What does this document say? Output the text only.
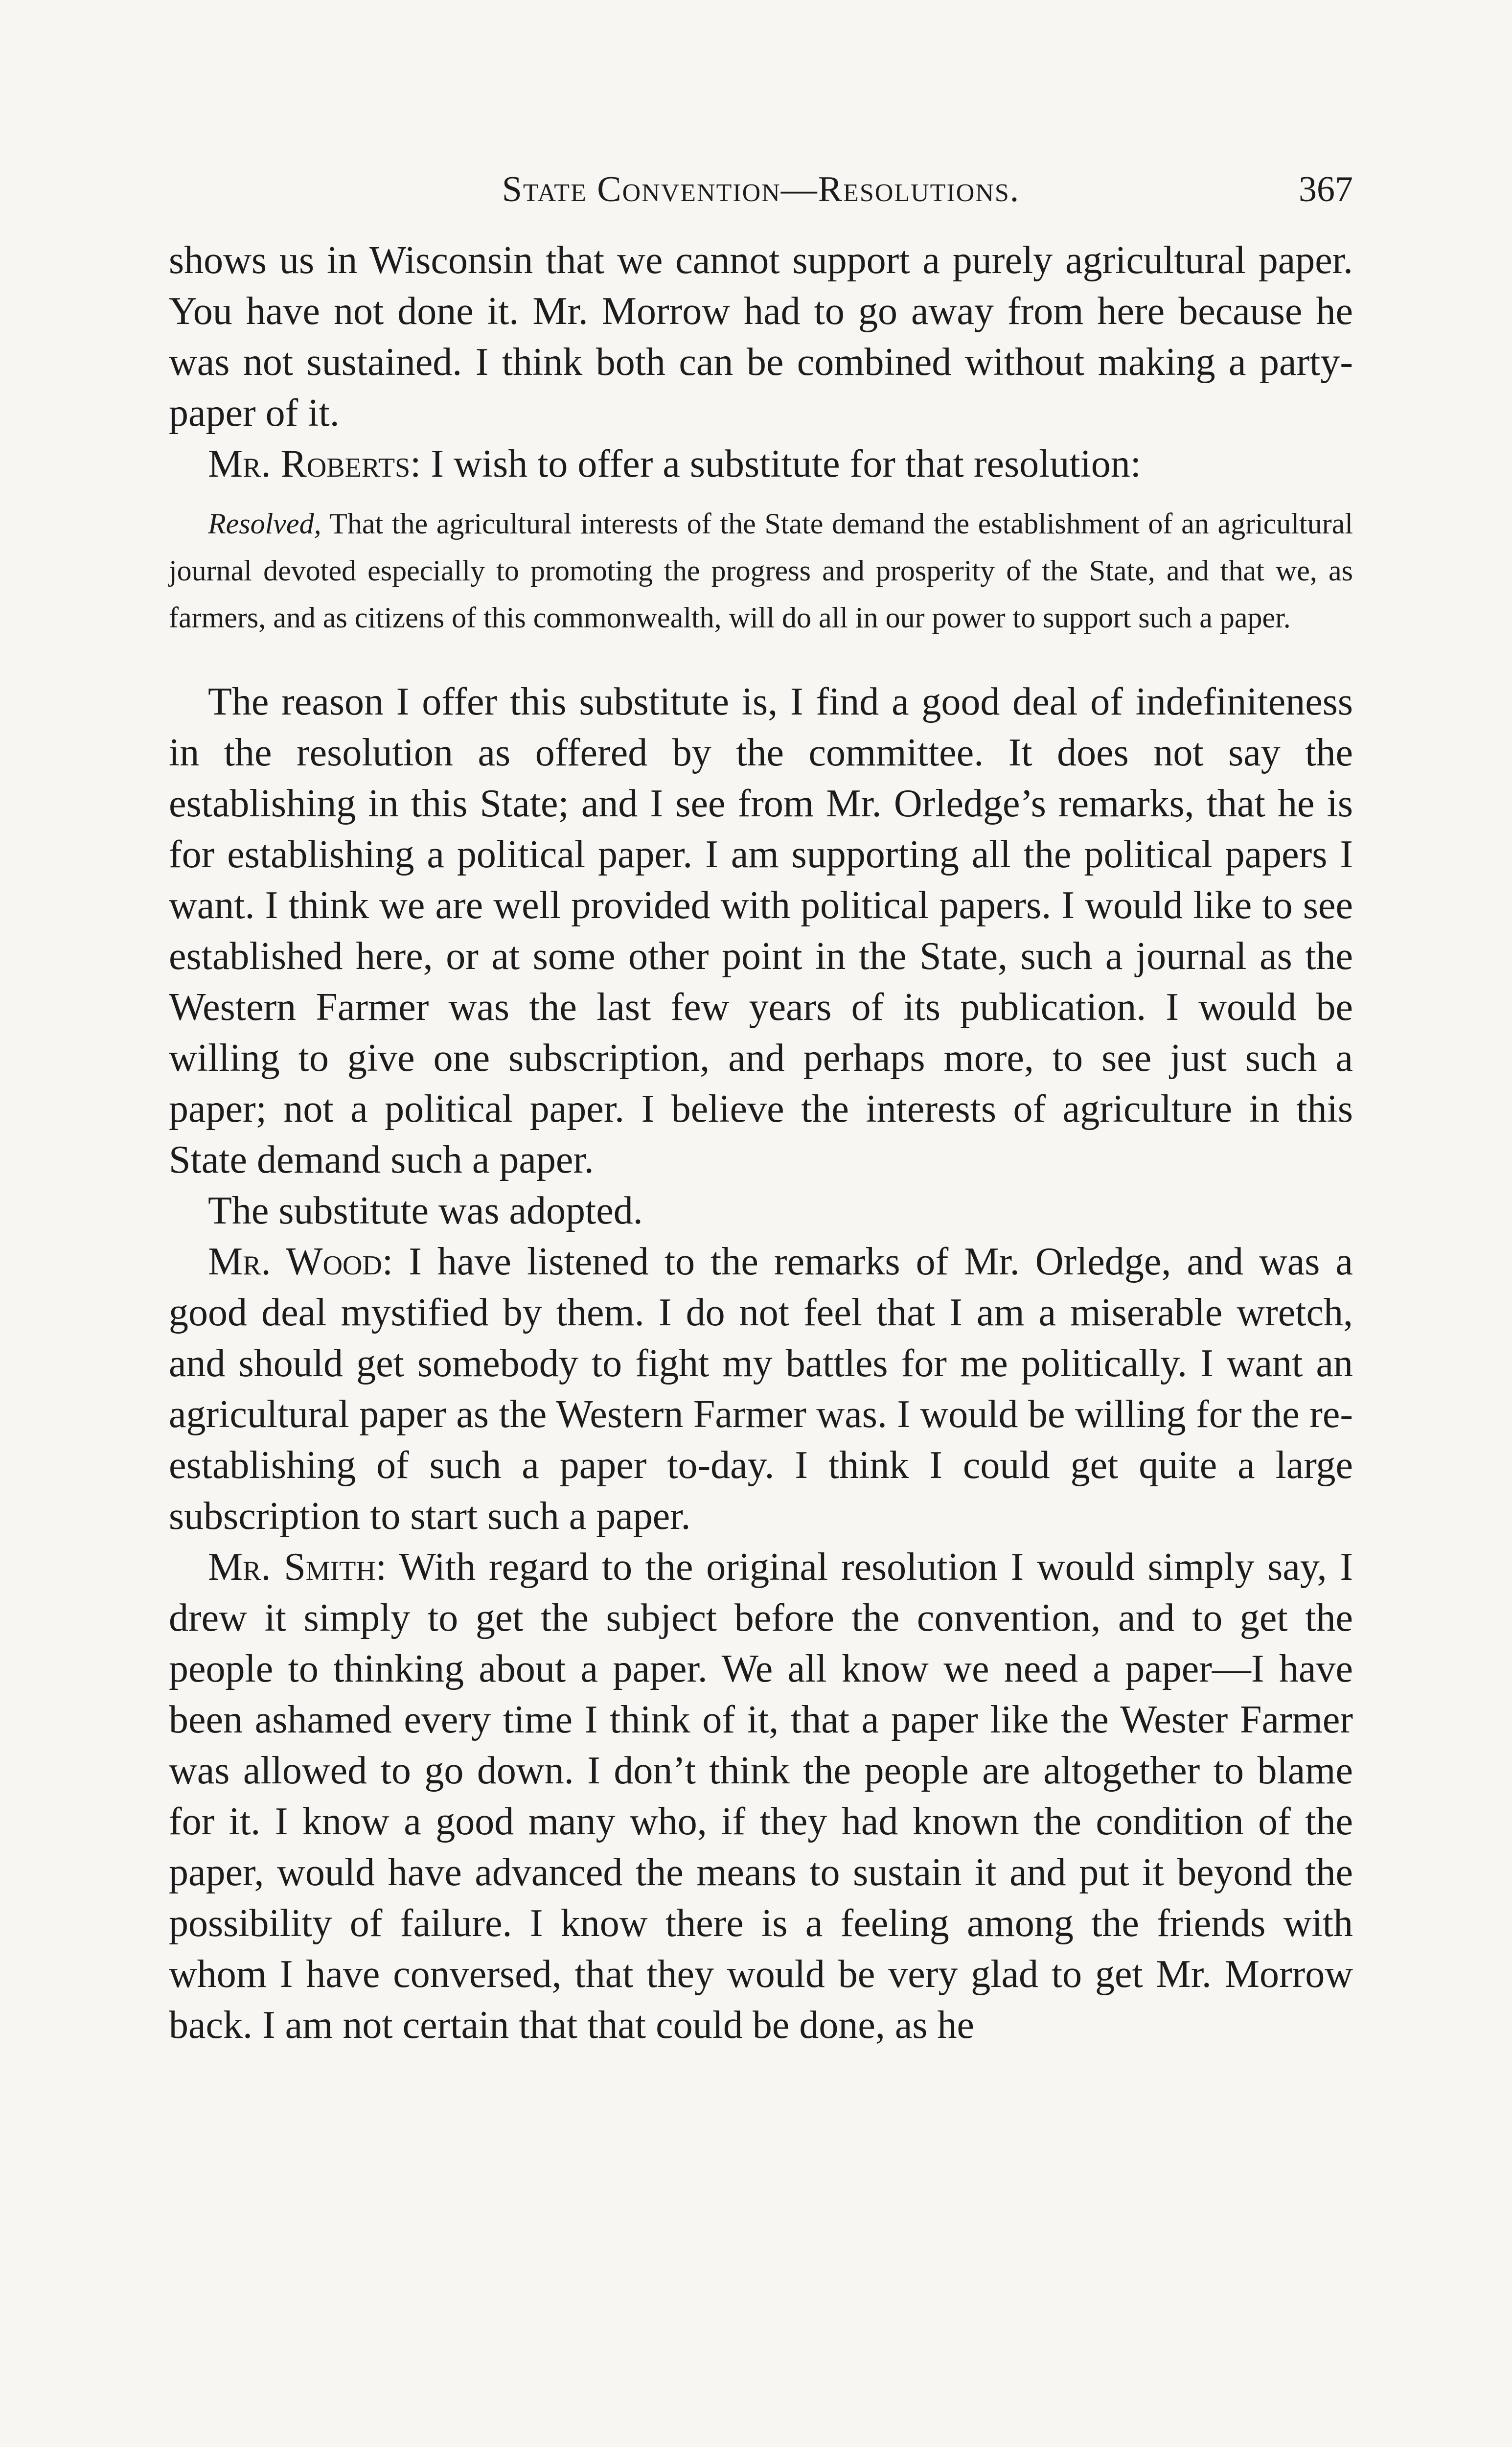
State Convention—Resolutions.	367

shows us in Wisconsin that we cannot support a purely agricultural paper. You have not done it. Mr. Morrow had to go away from here because he was not sustained. I think both can be combined without making a party-paper of it.

Mr. Roberts: I wish to offer a substitute for that resolution:

Resolved, That the agricultural interests of the State demand the establishment of an agricultural journal devoted especially to promoting the progress and prosperity of the State, and that we, as farmers, and as citizens of this commonwealth, will do all in our power to support such a paper.

The reason I offer this substitute is, I find a good deal of indefiniteness in the resolution as offered by the committee. It does not say the establishing in this State; and I see from Mr. Orledge’s remarks, that he is for establishing a political paper. I am supporting all the political papers I want. I think we are well provided with political papers. I would like to see established here, or at some other point in the State, such a journal as the Western Farmer was the last few years of its publication. I would be willing to give one subscription, and perhaps more, to see just such a paper; not a political paper. I believe the interests of agriculture in this State demand such a paper.

The substitute was adopted.

Mr. Wood: I have listened to the remarks of Mr. Orledge, and was a good deal mystified by them. I do not feel that I am a miserable wretch, and should get somebody to fight my battles for me politically. I want an agricultural paper as the Western Farmer was. I would be willing for the re-establishing of such a paper to-day. I think I could get quite a large subscription to start such a paper.

Mr. Smith: With regard to the original resolution I would simply say, I drew it simply to get the subject before the convention, and to get the people to thinking about a paper. We all know we need a paper—I have been ashamed every time I think of it, that a paper like the Wester Farmer was allowed to go down. I don’t think the people are altogether to blame for it. I know a good many who, if they had known the condition of the paper, would have advanced the means to sustain it and put it beyond the possibility of failure. I know there is a feeling among the friends with whom I have conversed, that they would be very glad to get Mr. Morrow back. I am not certain that that could be done, as he
